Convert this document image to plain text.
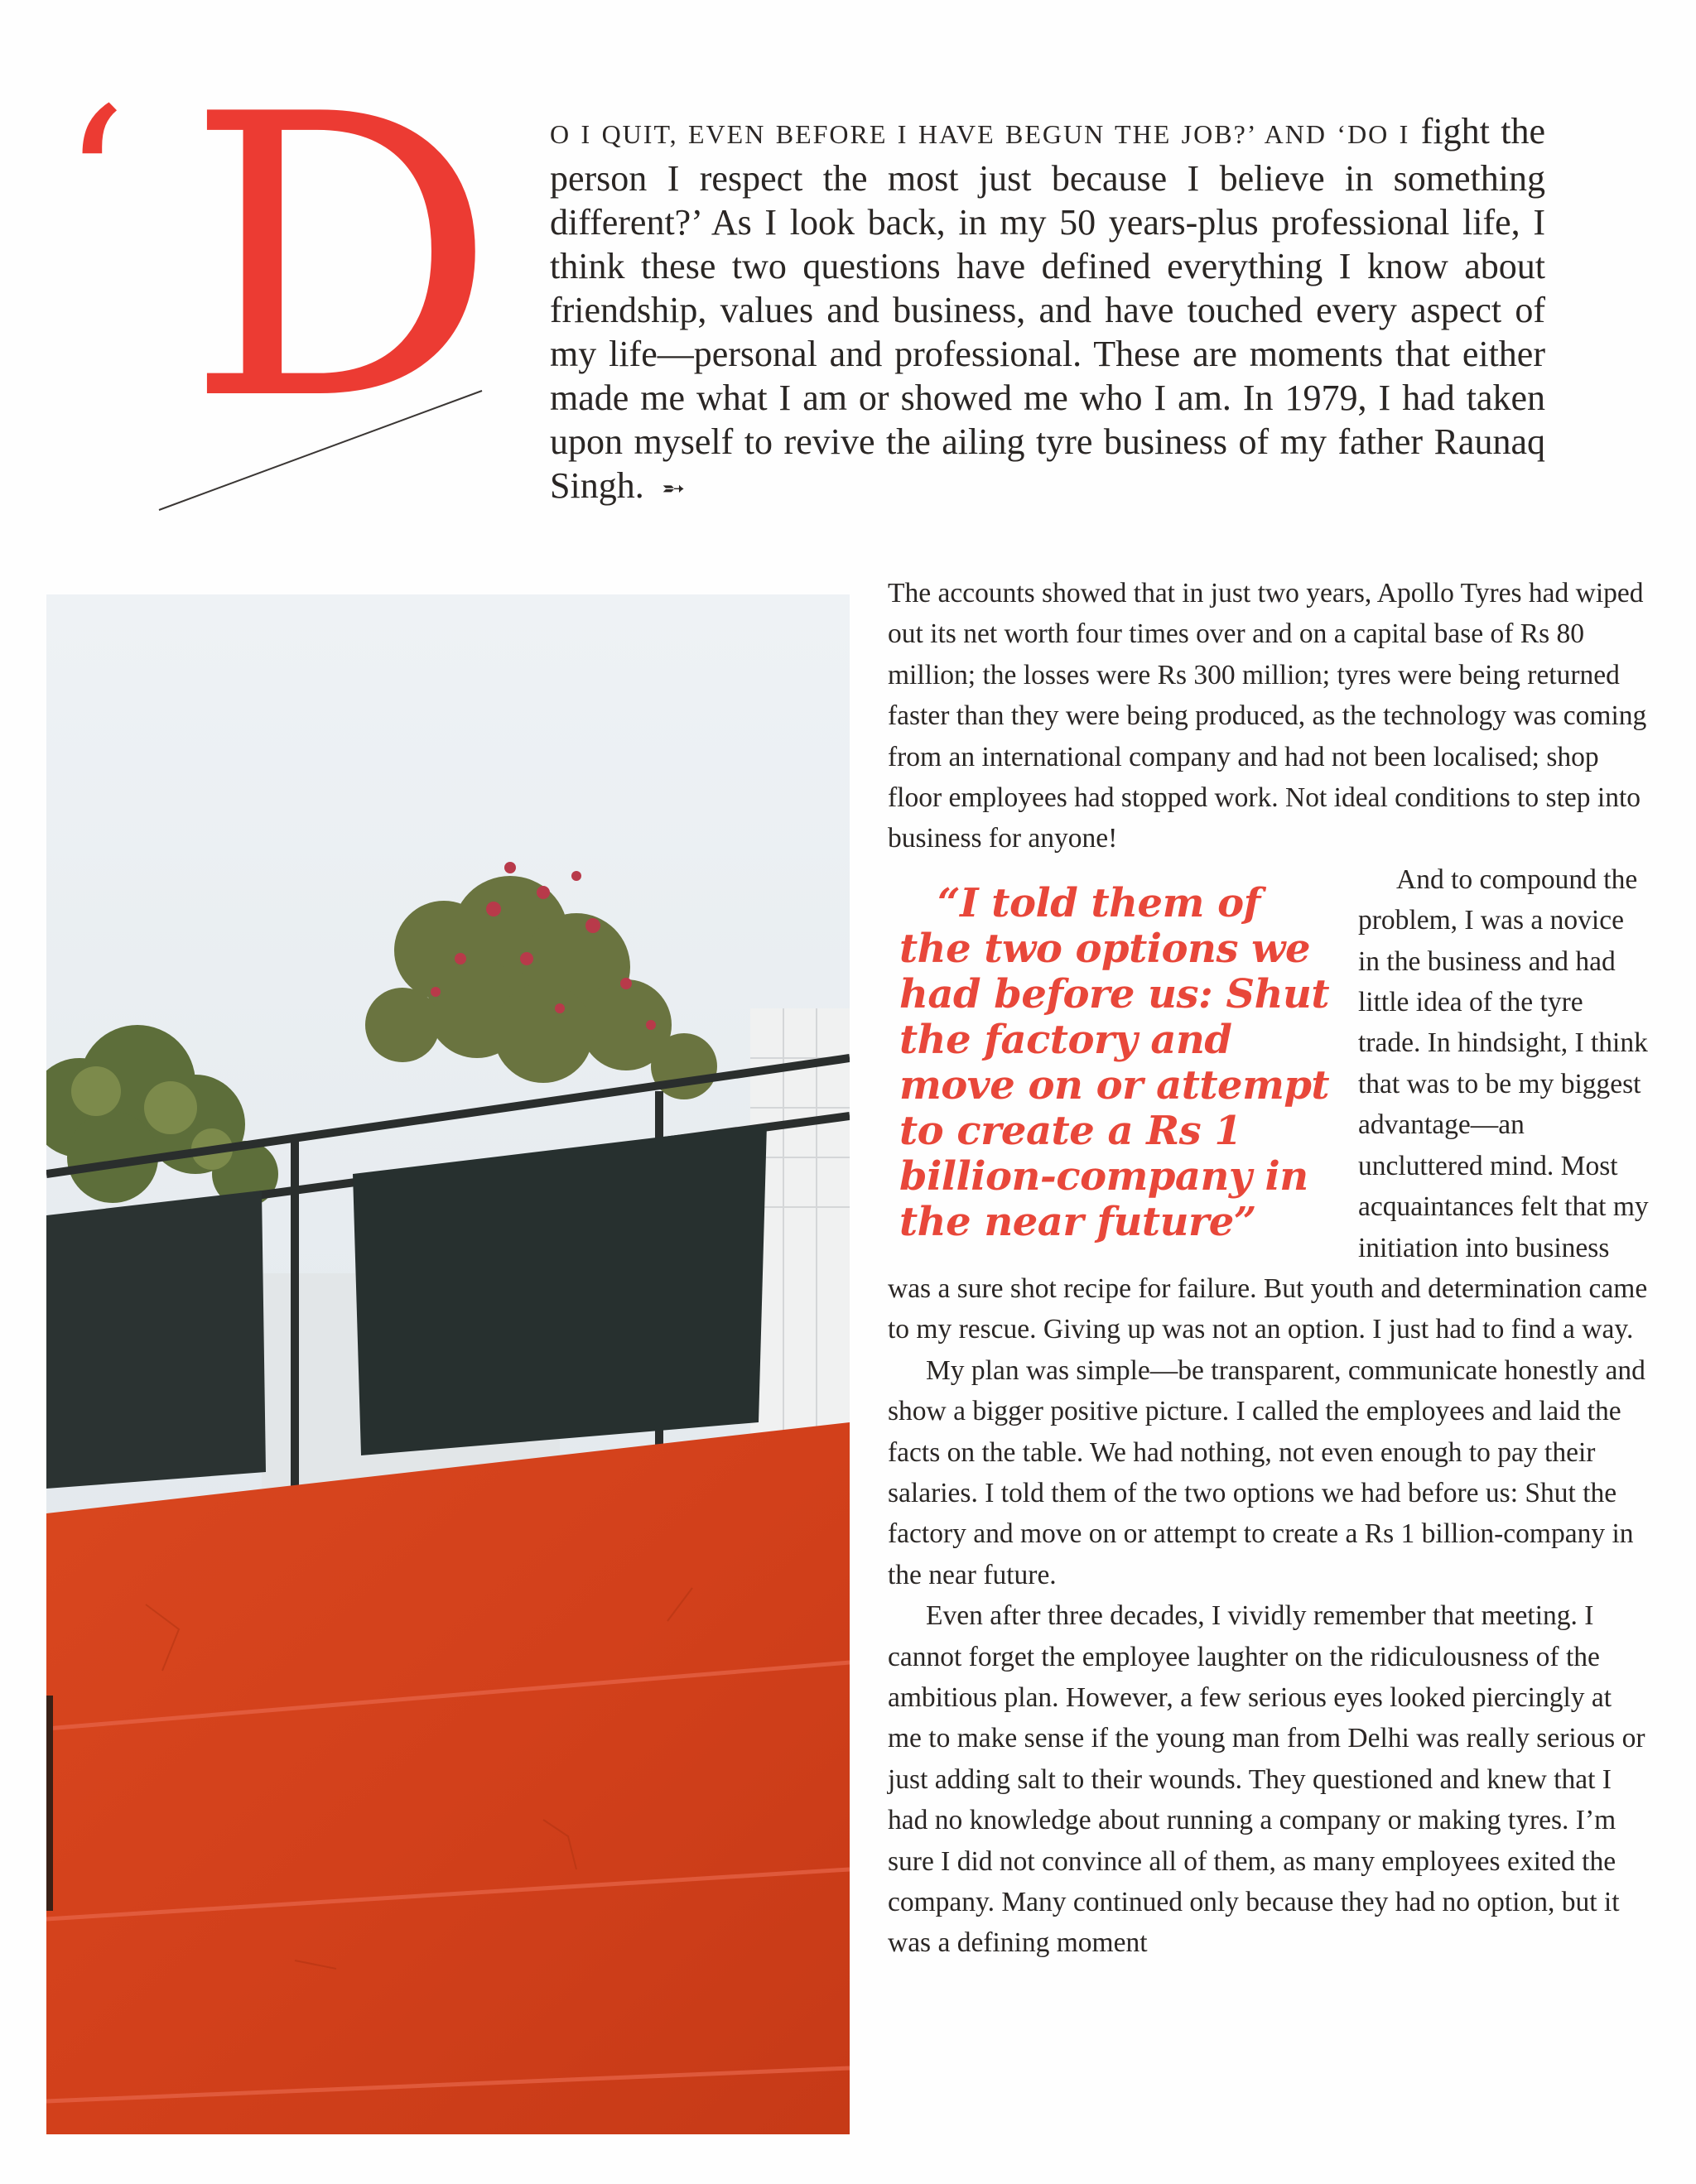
‘ D O I QUIT, EVEN BEFORE I HAVE BEGUN THE JOB?’ AND ‘DO I fight the person I respect the most just because I believe in something different?’ As I look back, in my 50 years-plus professional life, I think these two questions have defined everything I know about friendship, values and business, and have touched every aspect of my life—personal and professional. These are moments that either made me what I am or showed me who I am. In 1979, I had taken upon myself to revive the ailing tyre business of my father Raunaq Singh. ➵

The accounts showed that in just two years, Apollo Tyres had wiped out its net worth four times over and on a capital base of Rs 80 million; the losses were Rs 300 million; tyres were being returned faster than they were being produced, as the technology was coming from an international company and had not been localised; shop floor employees had stopped work. Not ideal conditions to step into business for anyone!

“I told them of the two options we had before us: Shut the factory and move on or attempt to create a Rs 1 billion-company in the near future”
And to compound the problem, I was a novice in the business and had little idea of the tyre trade. In hindsight, I think that was to be my biggest advantage—an uncluttered mind. Most acquaintances felt that my initiation into business was a sure shot recipe for failure. But youth and determination came to my rescue. Giving up was not an option. I just had to find a way.

My plan was simple—be transparent, communicate honestly and show a bigger positive picture. I called the employees and laid the facts on the table. We had nothing, not even enough to pay their salaries. I told them of the two options we had before us: Shut the factory and move on or attempt to create a Rs 1 billion-company in the near future.

Even after three decades, I vividly remember that meeting. I cannot forget the employee laughter on the ridiculousness of the ambitious plan. However, a few serious eyes looked piercingly at me to make sense if the young man from Delhi was really serious or just adding salt to their wounds. They questioned and knew that I had no knowledge about running a company or making tyres. I’m sure I did not convince all of them, as many employees exited the company. Many continued only because they had no option, but it was a defining moment
